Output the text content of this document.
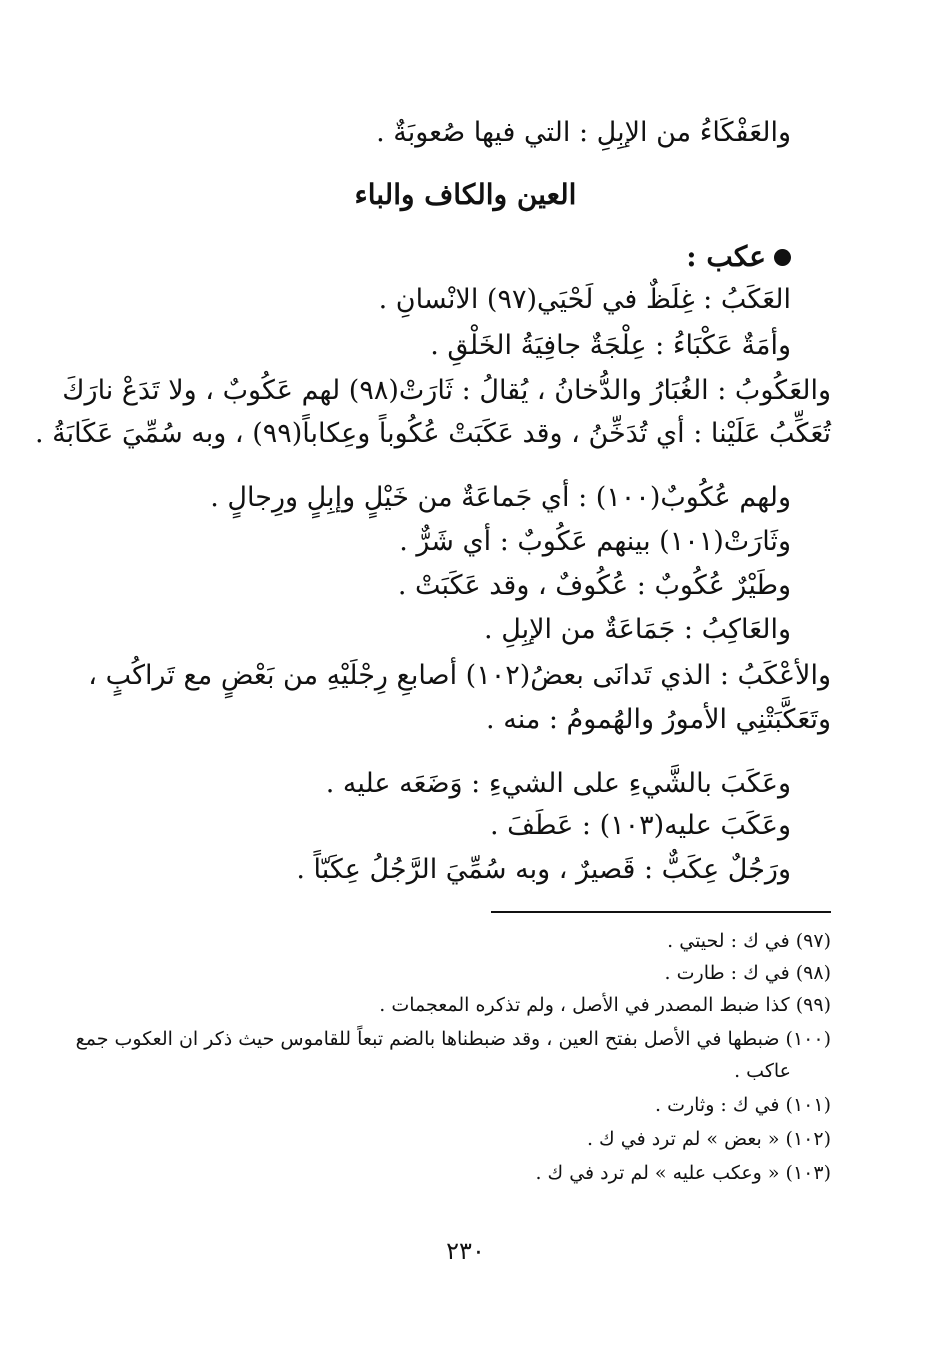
والعَفْكَاءُ من الإبِلِ : التي فيها صُعوبَةٌ .
العين والكاف والباء
عكب :
العَكَبُ : غِلَظٌ في لَحْيَي(٩٧) الانْسانِ .
وأمَةٌ عَكْبَاءُ : عِلْجَةٌ جافِيَةُ الخَلْقِ .
والعَكُوبُ : الغُبَارُ والدُّخانُ ، يُقالُ : ثَارَتْ(٩٨) لهم عَكُوبٌ ، ولا تَدَعْ نارَكَ
تُعَكِّبُ عَلَيْنا : أي تُدَخِّنُ ، وقد عَكَبَتْ عُكُوباً وعِكاباً(٩٩) ، وبه سُمِّيَ عَكَابَةُ .
ولهم عُكُوبٌ(١٠٠) : أي جَماعَةٌ من خَيْلٍ وإبِلٍ ورِجالٍ .
وثَارَتْ(١٠١) بينهم عَكُوبٌ : أي شَرٌّ .
وطَيْرٌ عُكُوبٌ : عُكُوفٌ ، وقد عَكَبَتْ .
والعَاكِبُ : جَمَاعَةٌ من الإبِلِ .
والأعْكَبُ : الذي تَدانَى بعضُ(١٠٢) أصابعِ رِجْلَيْهِ من بَعْضٍ مع تَراكُبٍ ،
وتَعَكَّبَتْنِي الأمورُ والهُمومُ : منه .
وعَكَبَ بالشَّيءِ على الشيءِ : وَضَعَه عليه .
وعَكَبَ عليه(١٠٣) : عَطَفَ .
ورَجُلٌ عِكَبٌّ : قَصيرٌ ، وبه سُمِّيَ الرَّجُلُ عِكَبّاً .
(٩٧) في ك : لحيتي .
(٩٨) في ك : طارت .
(٩٩) كذا ضبط المصدر في الأصل ، ولم تذكره المعجمات .
(١٠٠) ضبطها في الأصل بفتح العين ، وقد ضبطناها بالضم تبعاً للقاموس حيث ذكر ان العكوب جمع
عاكب .
(١٠١) في ك : وثارت .
(١٠٢) « بعض » لم ترد في ك .
(١٠٣) « وعكب عليه » لم ترد في ك .
٢٣٠
